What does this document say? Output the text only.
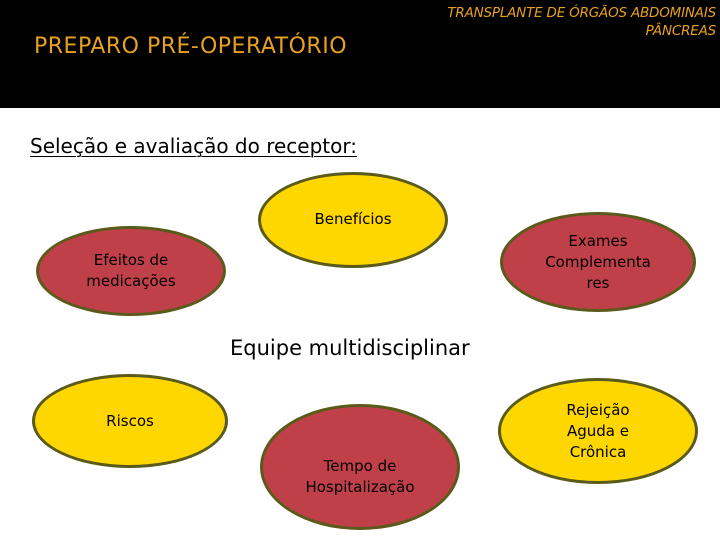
TRANSPLANTE DE ÓRGÃOS ABDOMINAIS
PÂNCREAS
PREPARO PRÉ-OPERATÓRIO
Seleção e avaliação do receptor:
Benefícios
Efeitos de
medicações
Exames
Complementa
res
Equipe multidisciplinar
Riscos
Tempo de
Hospitalização
Rejeição
Aguda e
Crônica
